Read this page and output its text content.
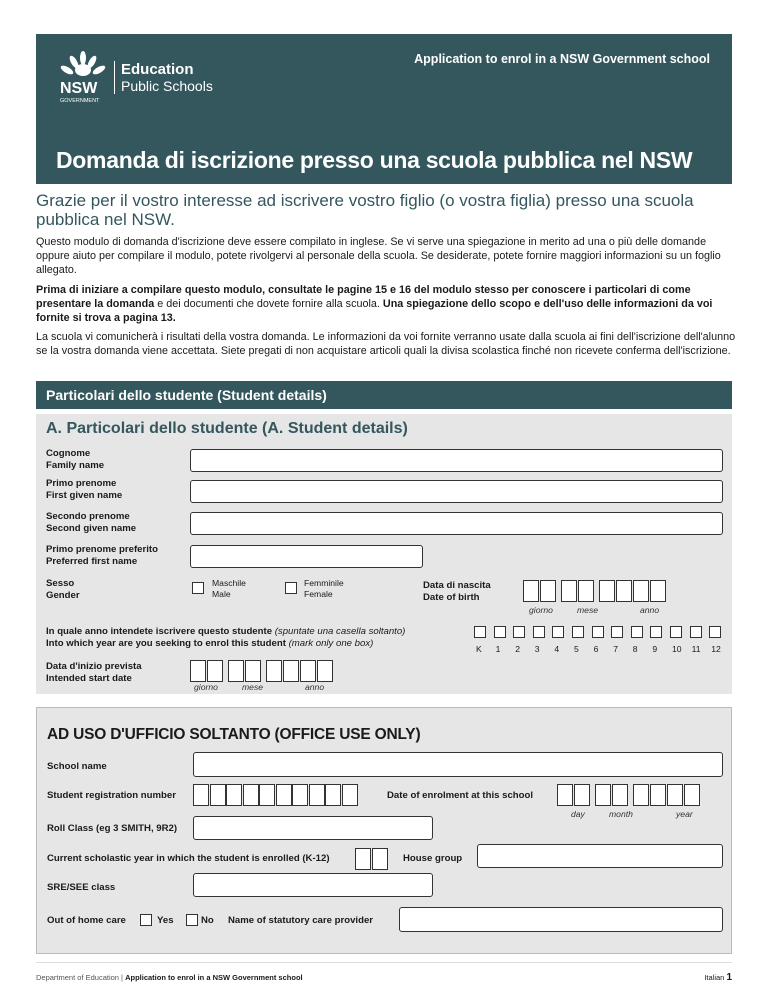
NSW
GOVERNMENT
Education
Public Schools
Application to enrol in a NSW Government school
Domanda di iscrizione presso una scuola pubblica nel NSW
Grazie per il vostro interesse ad iscrivere vostro figlio (o vostra figlia) presso una scuola pubblica nel NSW.
Questo modulo di domanda d'iscrizione deve essere compilato in inglese. Se vi serve una spiegazione in merito ad una o più delle domande oppure aiuto per compilare il modulo, potete rivolgervi al personale della scuola. Se desiderate, potete fornire maggiori informazioni su un foglio allegato.
Prima di iniziare a compilare questo modulo, consultate le pagine 15 e 16 del modulo stesso per conoscere i particolari di come presentare la domanda e dei documenti che dovete fornire alla scuola. Una spiegazione dello scopo e dell'uso delle informazioni da voi fornite si trova a pagina 13.
La scuola vi comunicherà i risultati della vostra domanda. Le informazioni da voi fornite verranno usate dalla scuola ai fini dell'iscrizione dell'alunno se la vostra domanda viene accettata. Siete pregati di non acquistare articoli quali la divisa scolastica finché non ricevete conferma dell'iscrizione.
Particolari dello studente (Student details)
A. Particolari dello studente (A. Student details)
Cognome
Family name
Primo prenome
First given name
Secondo prenome
Second given name
Primo prenome preferito
Preferred first name
Sesso
Gender
Maschile
Male
Femminile
Female
Data di nascita
Date of birth
giorno	mese	anno
In quale anno intendete iscrivere questo studente (spuntate una casella soltanto)
Into which year are you seeking to enrol this student (mark only one box)	K 1 2 3 4 5 6 7 8 9 10 11 12
Data d'inizio prevista
Intended start date
giorno	mese	anno
AD USO D'UFFICIO SOLTANTO (OFFICE USE ONLY)
School name
Student registration number	Date of enrolment at this school
day	month	year
Roll Class (eg 3 SMITH, 9R2)
Current scholastic year in which the student is enrolled (K-12)	House group
SRE/SEE class
Out of home care	Yes	No Name of statutory care provider
Department of Education | Application to enrol in a NSW Government school	Italian 1
